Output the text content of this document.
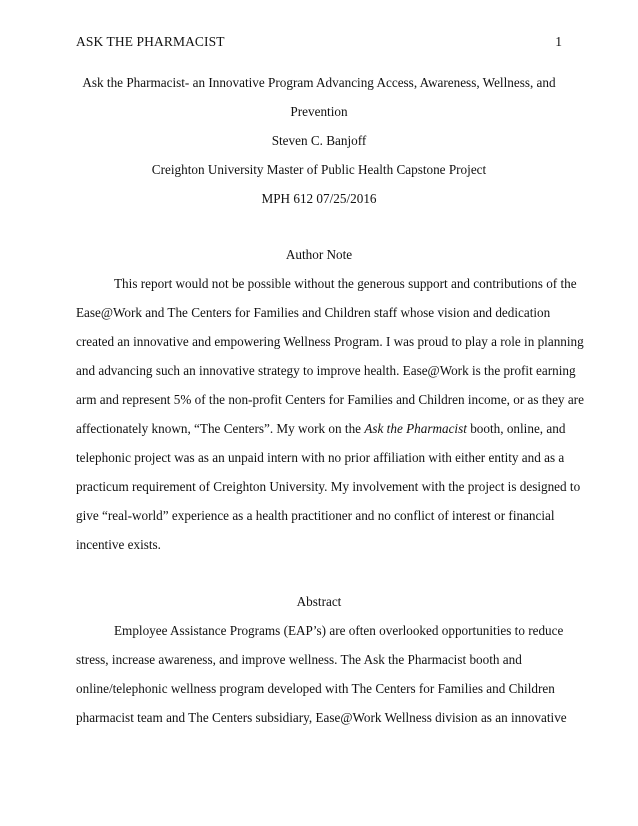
ASK THE PHARMACIST	1
Ask the Pharmacist- an Innovative Program Advancing Access, Awareness, Wellness, and
Prevention
Steven C. Banjoff
Creighton University Master of Public Health Capstone Project
MPH 612 07/25/2016
Author Note
This report would not be possible without the generous support and contributions of the
Ease@Work and The Centers for Families and Children staff whose vision and dedication
created an innovative and empowering Wellness Program. I was proud to play a role in planning
and advancing such an innovative strategy to improve health. Ease@Work is the profit earning
arm and represent 5% of the non-profit Centers for Families and Children income, or as they are
affectionately known, “The Centers”. My work on the Ask the Pharmacist booth, online, and
telephonic project was as an unpaid intern with no prior affiliation with either entity and as a
practicum requirement of Creighton University. My involvement with the project is designed to
give “real-world” experience as a health practitioner and no conflict of interest or financial
incentive exists.
Abstract
Employee Assistance Programs (EAP’s) are often overlooked opportunities to reduce
stress, increase awareness, and improve wellness. The Ask the Pharmacist booth and
online/telephonic wellness program developed with The Centers for Families and Children
pharmacist team and The Centers subsidiary, Ease@Work Wellness division as an innovative
